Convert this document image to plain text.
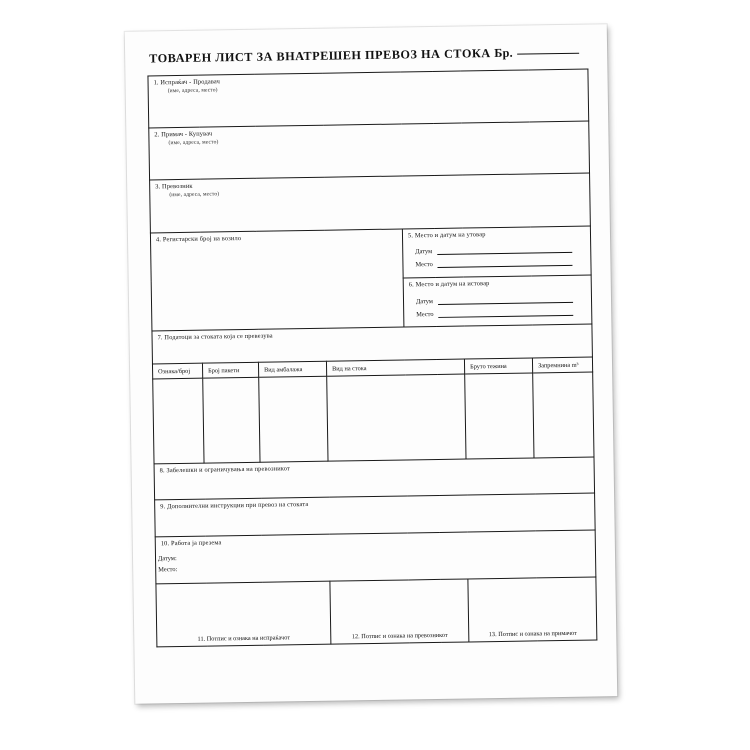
ТОВАРЕН ЛИСТ ЗА ВНАТРЕШЕН ПРЕВОЗ НА СТОКА Бр.
1. Испраќач - Продавач
(име, адреса, место)						

2. Примач - Купувач
(име, адреса, место)						

3. Превозник
(име, адреса, место)						

4. Регистарски број на возило				5. Место и датум на утовар
Датум
Место		

				6. Место и датум на истовар
Датум
Место		

7. Податоци за стоката која се превезува						

Ознака/број	Број пакети	Вид амбалажа	Вид на стока		Бруто тежина	Запремнина m³

8. Забелешки и ограничувања на превозникот						

9. Дополнителни инструкции при превоз на стоката						

10. Работа ја презема
Датум:
Место:						

11. Потпис и ознака на испраќачот			12. Потпис и ознака на превозникот		13. Потпис и ознака на примачот	
